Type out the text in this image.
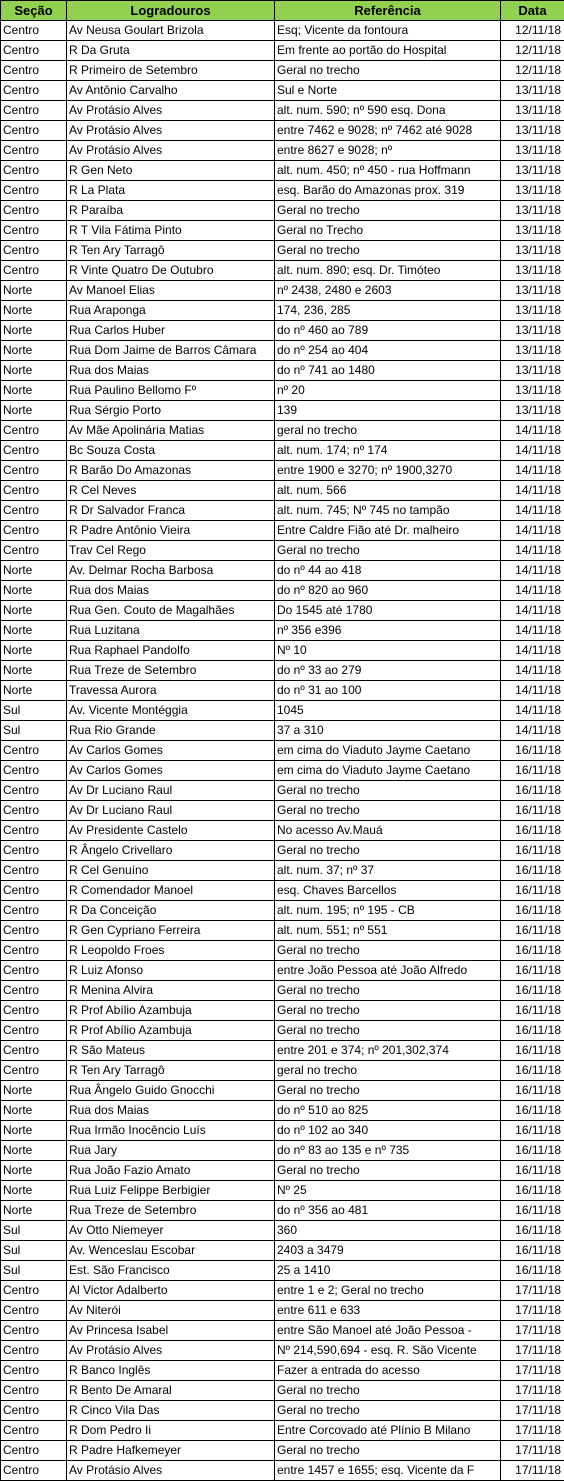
Seção	Logradouros	Referência	Data
Centro	Av Neusa Goulart Brizola	Esq; Vicente da fontoura	12/11/18
Centro	R Da Gruta	Em frente ao portão do Hospital	12/11/18
Centro	R Primeiro de Setembro	Geral no trecho	12/11/18
Centro	Av Antônio Carvalho	Sul e Norte	13/11/18
Centro	Av Protásio Alves	alt. num. 590; nº 590 esq. Dona	13/11/18
Centro	Av Protásio Alves	entre 7462 e 9028; nº 7462 até 9028	13/11/18
Centro	Av Protásio Alves	entre 8627 e 9028; nº	13/11/18
Centro	R Gen Neto	alt. num. 450; nº 450 - rua Hoffmann	13/11/18
Centro	R La Plata	esq. Barão do Amazonas prox. 319	13/11/18
Centro	R Paraíba	Geral no trecho	13/11/18
Centro	R T Vila Fátima Pinto	Geral no Trecho	13/11/18
Centro	R Ten Ary Tarragô	Geral no trecho	13/11/18
Centro	R Vinte Quatro De Outubro	alt. num. 890; esq. Dr. Timóteo	13/11/18
Norte	Av Manoel Elias	nº 2438, 2480 e 2603	13/11/18
Norte	Rua Araponga	174, 236, 285	13/11/18
Norte	Rua Carlos Huber	do nº 460 ao 789	13/11/18
Norte	Rua Dom Jaime de Barros Câmara	do nº 254 ao 404	13/11/18
Norte	Rua dos Maias	do nº 741 ao 1480	13/11/18
Norte	Rua Paulino Bellomo Fº	nº 20	13/11/18
Norte	Rua Sérgio Porto	139	13/11/18
Centro	Av Mãe Apolinária Matias	geral no trecho	14/11/18
Centro	Bc Souza Costa	alt. num. 174; nº 174	14/11/18
Centro	R Barão Do Amazonas	entre 1900 e 3270; nº 1900,3270	14/11/18
Centro	R Cel Neves	alt. num. 566	14/11/18
Centro	R Dr Salvador Franca	alt. num. 745; Nº 745 no tampão	14/11/18
Centro	R Padre Antônio Vieira	Entre Caldre Fião até Dr. malheiro	14/11/18
Centro	Trav Cel Rego	Geral no trecho	14/11/18
Norte	Av. Delmar Rocha Barbosa	do nº 44 ao 418	14/11/18
Norte	Rua dos Maias	do nº 820 ao 960	14/11/18
Norte	Rua Gen. Couto de Magalhães	Do 1545 até 1780	14/11/18
Norte	Rua Luzitana	nº 356 e396	14/11/18
Norte	Rua Raphael Pandolfo	Nº 10	14/11/18
Norte	Rua Treze de Setembro	do nº 33 ao 279	14/11/18
Norte	Travessa Aurora	do nº 31 ao 100	14/11/18
Sul	Av. Vicente Montéggia	1045	14/11/18
Sul	Rua Rio Grande	37 a 310	14/11/18
Centro	Av Carlos Gomes	em cima do Viaduto Jayme Caetano	16/11/18
Centro	Av Carlos Gomes	em cima do Viaduto Jayme Caetano	16/11/18
Centro	Av Dr Luciano Raul	Geral no trecho	16/11/18
Centro	Av Dr Luciano Raul	Geral no trecho	16/11/18
Centro	Av Presidente Castelo	No acesso Av.Mauá	16/11/18
Centro	R Ângelo Crivellaro	Geral no trecho	16/11/18
Centro	R Cel Genuíno	alt. num. 37; nº 37	16/11/18
Centro	R Comendador Manoel	esq. Chaves Barcellos	16/11/18
Centro	R Da Conceição	alt. num. 195; nº 195 - CB	16/11/18
Centro	R Gen Cypriano Ferreira	alt. num. 551; nº 551	16/11/18
Centro	R Leopoldo Froes	Geral no trecho	16/11/18
Centro	R Luiz Afonso	entre João Pessoa até João Alfredo	16/11/18
Centro	R Menina Alvira	Geral no trecho	16/11/18
Centro	R Prof Abílio Azambuja	Geral no trecho	16/11/18
Centro	R Prof Abílio Azambuja	Geral no trecho	16/11/18
Centro	R São Mateus	entre 201 e 374; nº 201,302,374	16/11/18
Centro	R Ten Ary Tarragô	geral no trecho	16/11/18
Norte	Rua Ângelo Guido Gnocchi	Geral no trecho	16/11/18
Norte	Rua dos Maias	do nº 510 ao 825	16/11/18
Norte	Rua Irmão Inocêncio Luís	do nº 102 ao 340	16/11/18
Norte	Rua Jary	do nº 83 ao 135 e nº 735	16/11/18
Norte	Rua João Fazio Amato	Geral no trecho	16/11/18
Norte	Rua Luiz Felippe Berbigier	Nº 25	16/11/18
Norte	Rua Treze de Setembro	do nº 356 ao 481	16/11/18
Sul	Av Otto Niemeyer	360	16/11/18
Sul	Av. Wenceslau Escobar	2403 a 3479	16/11/18
Sul	Est. São Francisco	25 a 1410	16/11/18
Centro	Al Victor Adalberto	entre 1 e 2; Geral no trecho	17/11/18
Centro	Av Niterói	entre 611 e 633	17/11/18
Centro	Av Princesa Isabel	entre São Manoel até João Pessoa -	17/11/18
Centro	Av Protásio Alves	Nº 214,590,694 - esq. R. São Vicente	17/11/18
Centro	R Banco Inglês	Fazer a entrada do acesso	17/11/18
Centro	R Bento De Amaral	Geral no trecho	17/11/18
Centro	R Cinco Vila Das	Geral no trecho	17/11/18
Centro	R Dom Pedro Ii	Entre Corcovado até Plínio B Milano	17/11/18
Centro	R Padre Hafkemeyer	Geral no trecho	17/11/18
Centro	Av Protásio Alves	entre 1457 e 1655; esq. Vicente da F	17/11/18
